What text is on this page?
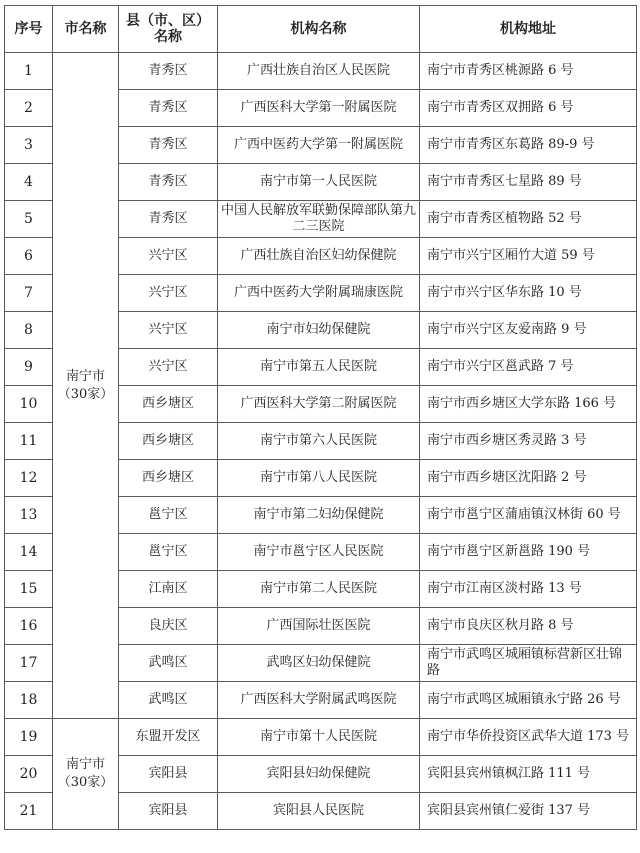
序号	市名称	县（市、区）名称	机构名称	机构地址
1	南宁市（30家）	青秀区	广西壮族自治区人民医院	南宁市青秀区桃源路 6 号
2		青秀区	广西医科大学第一附属医院	南宁市青秀区双拥路 6 号
3		青秀区	广西中医药大学第一附属医院	南宁市青秀区东葛路 89-9 号
4		青秀区	南宁市第一人民医院	南宁市青秀区七星路 89 号
5		青秀区	中国人民解放军联勤保障部队第九二三医院	南宁市青秀区植物路 52 号
6		兴宁区	广西壮族自治区妇幼保健院	南宁市兴宁区厢竹大道 59 号
7		兴宁区	广西中医药大学附属瑞康医院	南宁市兴宁区华东路 10 号
8		兴宁区	南宁市妇幼保健院	南宁市兴宁区友爱南路 9 号
9		兴宁区	南宁市第五人民医院	南宁市兴宁区邕武路 7 号
10		西乡塘区	广西医科大学第二附属医院	南宁市西乡塘区大学东路 166 号
11		西乡塘区	南宁市第六人民医院	南宁市西乡塘区秀灵路 3 号
12		西乡塘区	南宁市第八人民医院	南宁市西乡塘区沈阳路 2 号
13		邕宁区	南宁市第二妇幼保健院	南宁市邕宁区蒲庙镇汉林街 60 号
14		邕宁区	南宁市邕宁区人民医院	南宁市邕宁区新邕路 190 号
15		江南区	南宁市第二人民医院	南宁市江南区淡村路 13 号
16		良庆区	广西国际壮医医院	南宁市良庆区秋月路 8 号
17		武鸣区	武鸣区妇幼保健院	南宁市武鸣区城厢镇标营新区壮锦路
18		武鸣区	广西医科大学附属武鸣医院	南宁市武鸣区城厢镇永宁路 26 号
19	南宁市（30家）	东盟开发区	南宁市第十人民医院	南宁市华侨投资区武华大道 173 号
20		宾阳县	宾阳县妇幼保健院	宾阳县宾州镇枫江路 111 号
21		宾阳县	宾阳县人民医院	宾阳县宾州镇仁爱街 137 号
